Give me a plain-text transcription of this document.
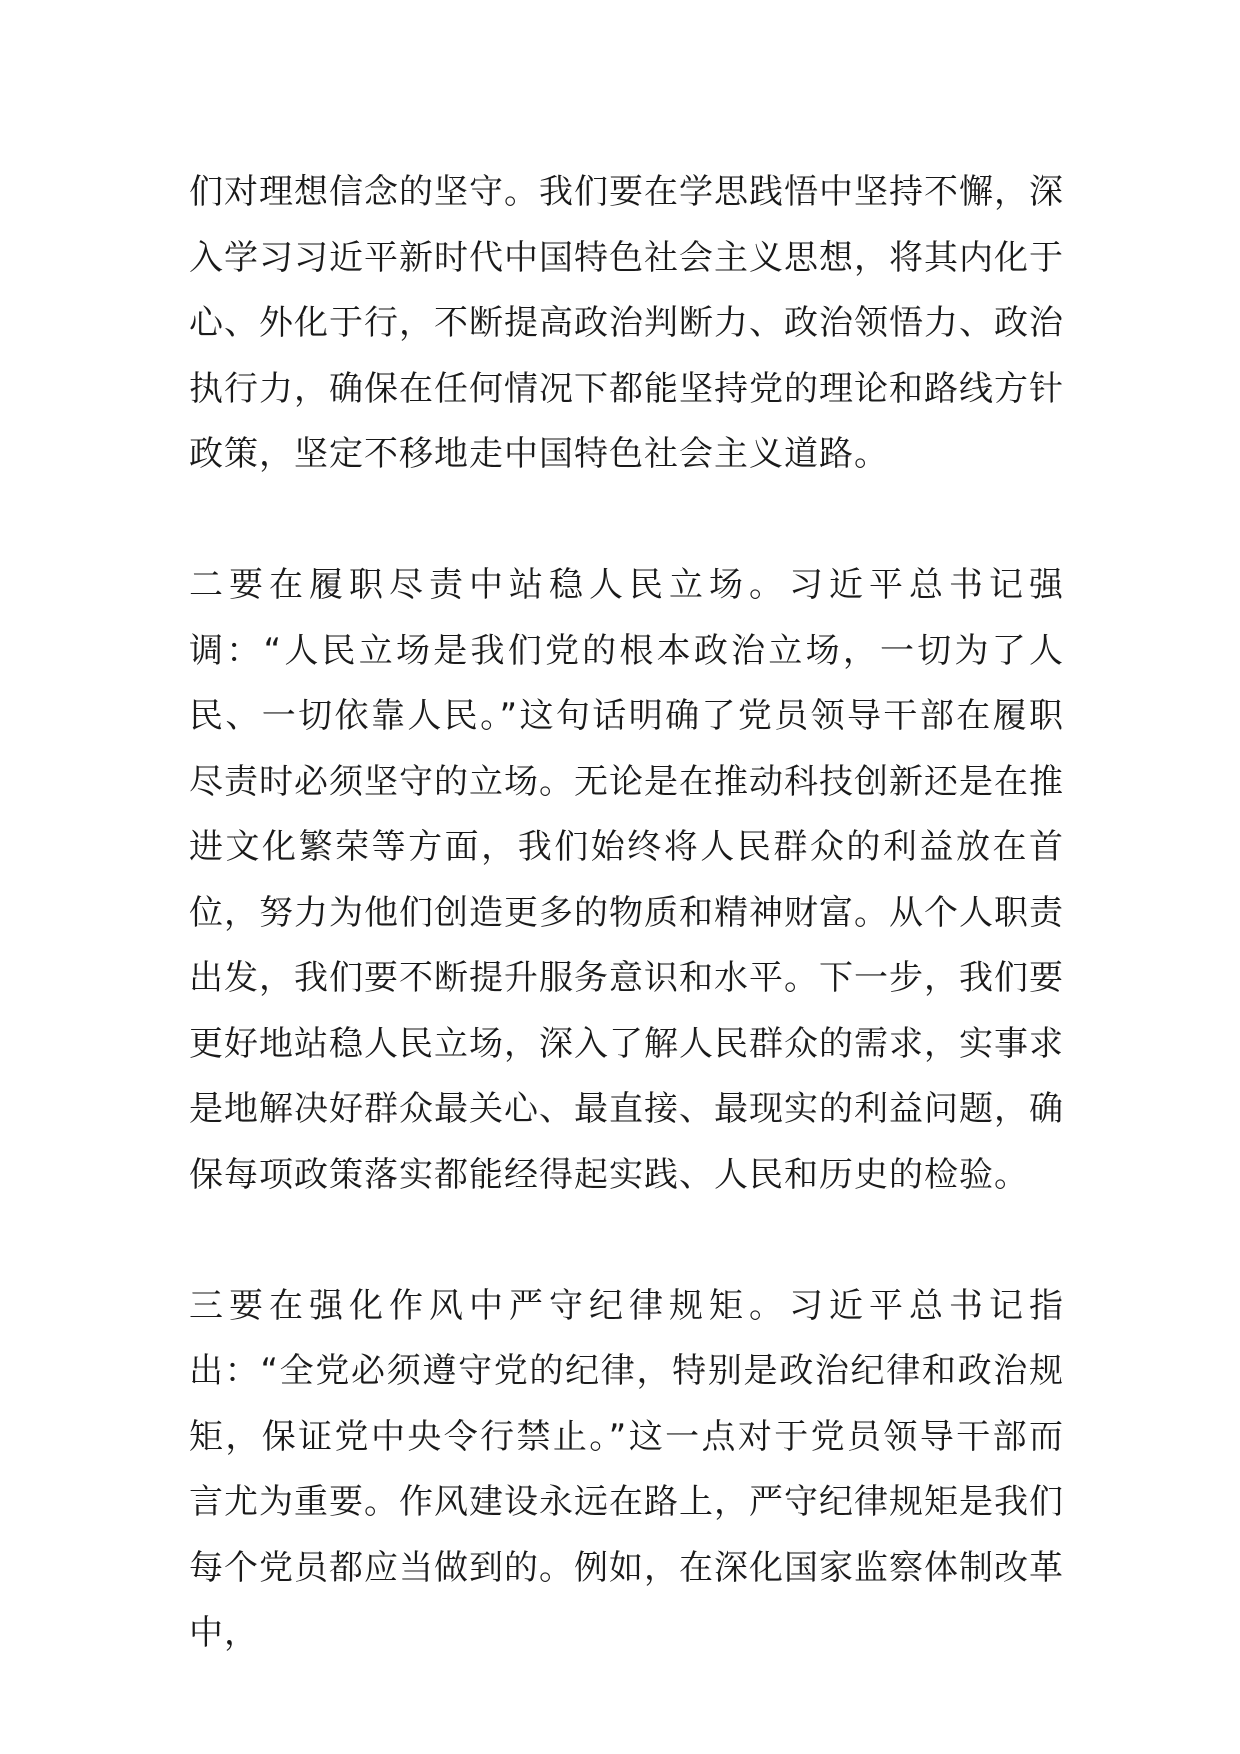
们对理想信念的坚守。我们要在学思践悟中坚持不懈，深入学习习近平新时代中国特色社会主义思想，将其内化于心、外化于行，不断提高政治判断力、政治领悟力、政治执行力，确保在任何情况下都能坚持党的理论和路线方针政策，坚定不移地走中国特色社会主义道路。

二要在履职尽责中站稳人民立场。习近平总书记强调：“人民立场是我们党的根本政治立场，一切为了人民、一切依靠人民。”这句话明确了党员领导干部在履职尽责时必须坚守的立场。无论是在推动科技创新还是在推进文化繁荣等方面，我们始终将人民群众的利益放在首位，努力为他们创造更多的物质和精神财富。从个人职责出发，我们要不断提升服务意识和水平。下一步，我们要更好地站稳人民立场，深入了解人民群众的需求，实事求是地解决好群众最关心、最直接、最现实的利益问题，确保每项政策落实都能经得起实践、人民和历史的检验。

三要在强化作风中严守纪律规矩。习近平总书记指出：“全党必须遵守党的纪律，特别是政治纪律和政治规矩，保证党中央令行禁止。”这一点对于党员领导干部而言尤为重要。作风建设永远在路上，严守纪律规矩是我们每个党员都应当做到的。例如，在深化国家监察体制改革中，
